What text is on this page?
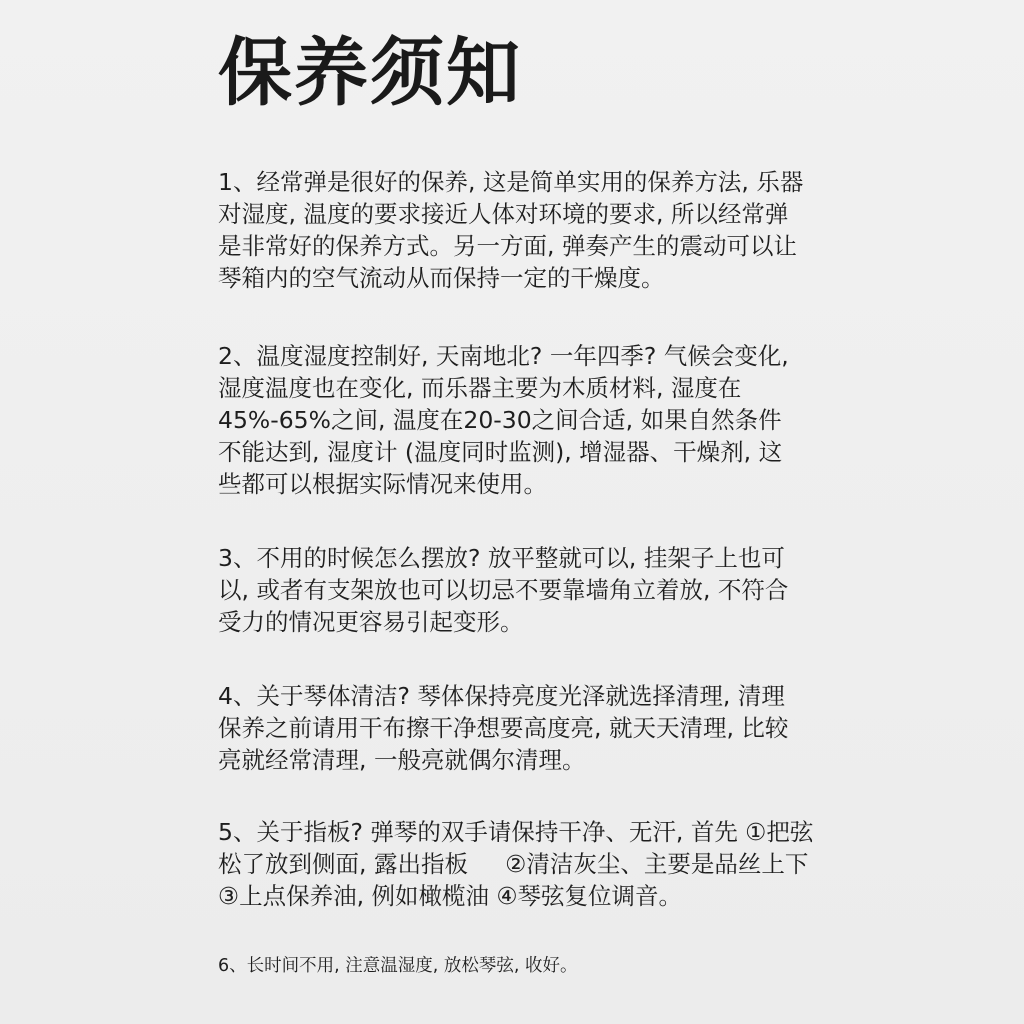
保养须知
1、经常弹是很好的保养, 这是简单实用的保养方法, 乐器
对湿度, 温度的要求接近人体对环境的要求, 所以经常弹
是非常好的保养方式。另一方面, 弹奏产生的震动可以让
琴箱内的空气流动从而保持一定的干燥度。
2、温度湿度控制好, 天南地北? 一年四季? 气候会变化,
湿度温度也在变化, 而乐器主要为木质材料, 湿度在
45%-65%之间, 温度在20-30之间合适, 如果自然条件
不能达到, 湿度计 (温度同时监测), 增湿器、干燥剂, 这
些都可以根据实际情况来使用。
3、不用的时候怎么摆放? 放平整就可以, 挂架子上也可
以, 或者有支架放也可以切忌不要靠墙角立着放, 不符合
受力的情况更容易引起变形。
4、关于琴体清洁? 琴体保持亮度光泽就选择清理, 清理
保养之前请用干布擦干净想要高度亮, 就天天清理, 比较
亮就经常清理, 一般亮就偶尔清理。
5、关于指板? 弹琴的双手请保持干净、无汗, 首先 ①把弦
松了放到侧面, 露出指板     ②清洁灰尘、主要是品丝上下
③上点保养油, 例如橄榄油 ④琴弦复位调音。
6、长时间不用, 注意温湿度, 放松琴弦, 收好。
